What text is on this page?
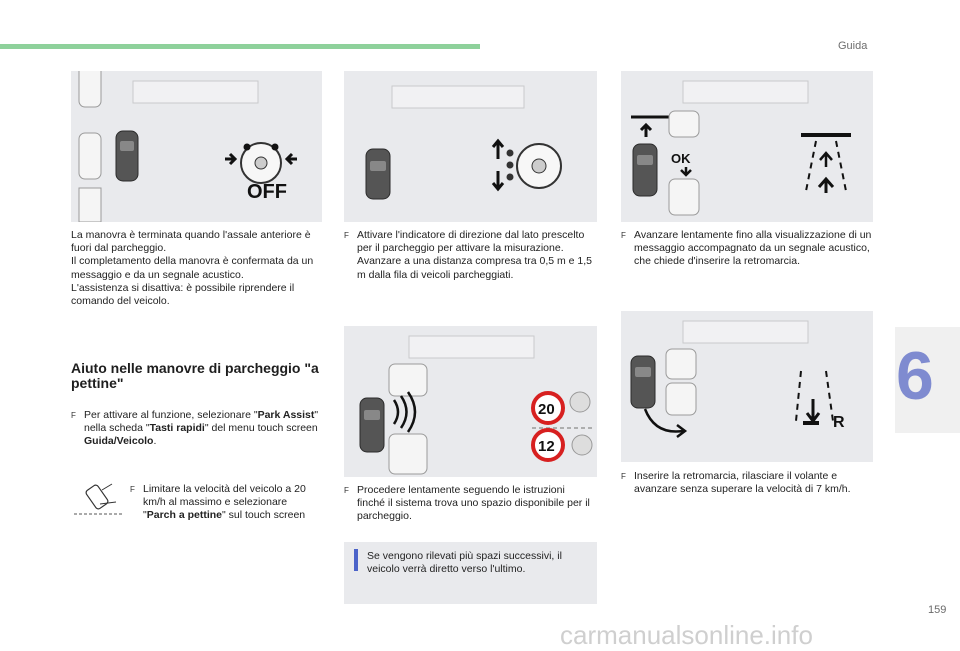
Guida
6
OFF
OK
20
12
R
La manovra è terminata quando l'assale anteriore è fuori dal parcheggio.
Il completamento della manovra è confermata da un messaggio e da un segnale acustico.
L'assistenza si disattiva: è possibile riprendere il comando del veicolo.
Aiuto nelle manovre di parcheggio "a pettine"
F Per attivare al funzione, selezionare "Park Assist" nella scheda "Tasti rapidi" del menu touch screen Guida/Veicolo.
F Limitare la velocità del veicolo a 20 km/h al massimo e selezionare "Parch a pettine" sul touch screen
F Attivare l'indicatore di direzione dal lato prescelto per il parcheggio per attivare la misurazione. Avanzare a una distanza compresa tra 0,5 m e 1,5 m dalla fila di veicoli parcheggiati.
F Procedere lentamente seguendo le istruzioni finché il sistema trova uno spazio disponibile per il parcheggio.
Se vengono rilevati più spazi successivi, il veicolo verrà diretto verso l'ultimo.
F Avanzare lentamente fino alla visualizzazione di un messaggio accompagnato da un segnale acustico, che chiede d'inserire la retromarcia.
F Inserire la retromarcia, rilasciare il volante e avanzare senza superare la velocità di 7 km/h.
159
carmanualsonline.info
